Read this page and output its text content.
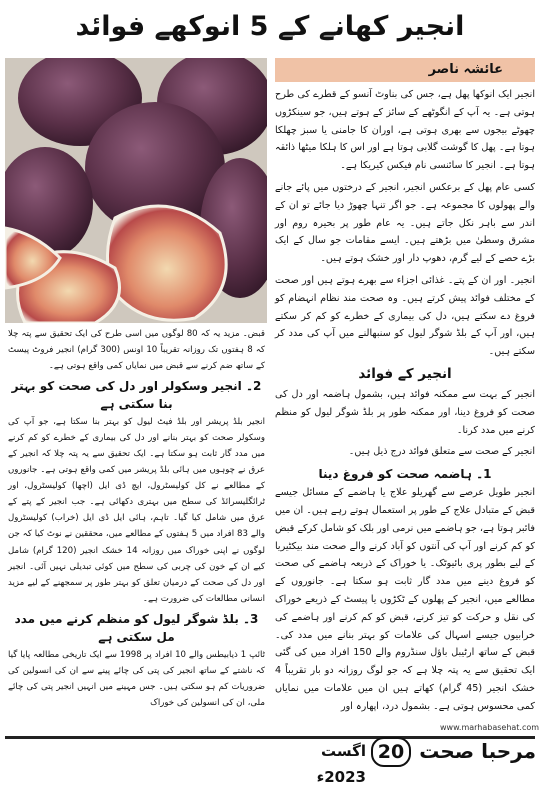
انجیر کھانے کے 5 انوکھے فوائد
عائشہ ناصر

انجیر ایک انوکھا پھل ہے، جس کی بناوٹ آنسو کے قطرے کی طرح ہوتی ہے۔ یہ آپ کے انگوٹھے کے سائز کے ہوتے ہیں، جو سینکڑوں چھوٹے بیجوں سے بھری ہوتی ہے، اوران کا جامنی یا سبز چھلکا ہوتا ہے۔ پھل کا گوشت گلابی ہوتا ہے اور اس کا ہلکا میٹھا ذائقہ ہوتا ہے۔ انجیر کا سائنسی نام فیکس کیریکا ہے۔

کسی عام پھل کے برعکس انجیر، انجیر کے درختوں میں پائے جانے والے پھولوں کا مجموعہ ہے۔ جو اگر تنہا چھوڑ دیا جائے تو ان کے اندر سے باہر نکل جاتے ہیں۔ یہ عام طور پر بحیرہ روم اور مشرق وسطیٰ میں بڑھتے ہیں۔ ایسے مقامات جو سال کے ایک بڑے حصے کے لیے گرم، دھوپ دار اور خشک ہوتے ہیں۔

انجیر۔ اور ان کے پتے۔ غذائی اجزاء سے بھرے ہوتے ہیں اور صحت کے مختلف فوائد پیش کرتے ہیں۔ وہ صحت مند نظام انہضام کو فروغ دے سکتے ہیں، دل کی بیماری کے خطرے کو کم کر سکتے ہیں، اور آپ کے بلڈ شوگر لیول کو سنبھالنے میں آپ کی مدد کر سکتے ہیں۔

انجیر کے فوائد

انجیر کے بہت سے ممکنہ فوائد ہیں، بشمول ہاضمہ اور دل کی صحت کو فروغ دینا، اور ممکنہ طور پر بلڈ شوگر لیول کو منظم کرنے میں مدد کرنا۔

انجیر کے صحت سے متعلق فوائد درج ذیل ہیں۔

1۔ ہاضمہ صحت کو فروغ دینا

انجیر طویل عرصے سے گھریلو علاج یا ہاضمے کے مسائل جیسے قبض کے متبادل علاج کے طور پر استعمال ہوتے رہے ہیں۔ ان میں فائبر ہوتا ہے، جو ہاضمے میں نرمی اور بلک کو شامل کرکے قبض کو کم کرنے اور آپ کی آنتوں کو آباد کرنے والے صحت مند بیکٹیریا کے لیے بطور پری بائیوٹک۔ یا خوراک کے ذریعہ ہاضمے کی صحت کو فروغ دینے میں مدد گار ثابت ہو سکتا ہے۔ جانوروں کے مطالعے میں، انجیر کے پھلوں کے ٹکڑوں یا پیسٹ کے ذریعے خوراک کی نقل و حرکت کو تیز کرنے، قبض کو کم کرنے اور ہاضمے کی خرابیوں جیسے اسہال کی علامات کو بہتر بنانے میں مدد کی۔ قبض کے ساتھ ارٹیبل باؤل سنڈروم والے 150 افراد میں کی گئی ایک تحقیق سے یہ پتہ چلا ہے کہ جو لوگ روزانہ دو بار تقریباً 4 خشک انجیر (45 گرام) کھاتے ہیں ان میں علامات میں نمایاں کمی محسوس ہوتی ہے۔ بشمول درد، اپھارہ اور

قبض۔ مزید یہ کہ 80 لوگوں میں اسی طرح کی ایک تحقیق سے پتہ چلا کہ 8 ہفتوں تک روزانہ تقریباً 10 اونس (300 گرام) انجیر فروٹ پیسٹ کے ساتھ ضم کرنے سے قبض میں نمایاں کمی واقع ہوتی ہے۔

2۔ انجیر وسکولر اور دل کی صحت کو بہتر بنا سکتی ہے

انجیر بلڈ پریشر اور بلڈ فیٹ لیول کو بہتر بنا سکتا ہے، جو آپ کی وسکولر صحت کو بہتر بنانے اور دل کی بیماری کے خطرے کو کم کرنے میں مدد گار ثابت ہو سکتا ہے۔ ایک تحقیق سے یہ پتہ چلا کہ انجیر کے عرق نے چوہوں میں ہائی بلڈ پریشر میں کمی واقع ہوتی ہے۔ جانوروں کے مطالعے نے کل کولیسٹرول، ایچ ڈی ایل (اچھا) کولیسٹرول، اور ٹرائگلیسرائڈ کی سطح میں بہتری دکھائی ہے۔ جب انجیر کے پتے کے عرق میں شامل کیا گیا۔ تاہم، ہائی ایل ڈی ایل (خراب) کولیسٹرول والے 83 افراد میں 5 ہفتوں کے مطالعے میں، محققین نے نوٹ کیا کہ جن لوگوں نے اپنی خوراک میں روزانہ 14 خشک انجیر (120 گرام) شامل کیے ان کے خون کی چربی کی سطح میں کوئی تبدیلی نہیں آئی۔ انجیر اور دل کی صحت کے درمیان تعلق کو بہتر طور پر سمجھنے کے لیے مزید انسانی مطالعات کی ضرورت ہے۔

3۔ بلڈ شوگر لیول کو منظم کرنے میں مدد مل سکتی ہے

ٹائپ 1 ذیابیطس والے 10 افراد پر 1998 سے ایک تاریخی مطالعہ پایا گیا کہ ناشتے کے ساتھ انجیر کی پتی کی چائے پینے سے ان کی انسولین کی ضروریات کم ہو سکتی ہیں۔ جس مہینے میں انہیں انجیر پتی کی چائے ملی، ان کی انسولین کی خوراک

www.marhabasehat.com
مرحبا صحت
20
اگست 2023ء
